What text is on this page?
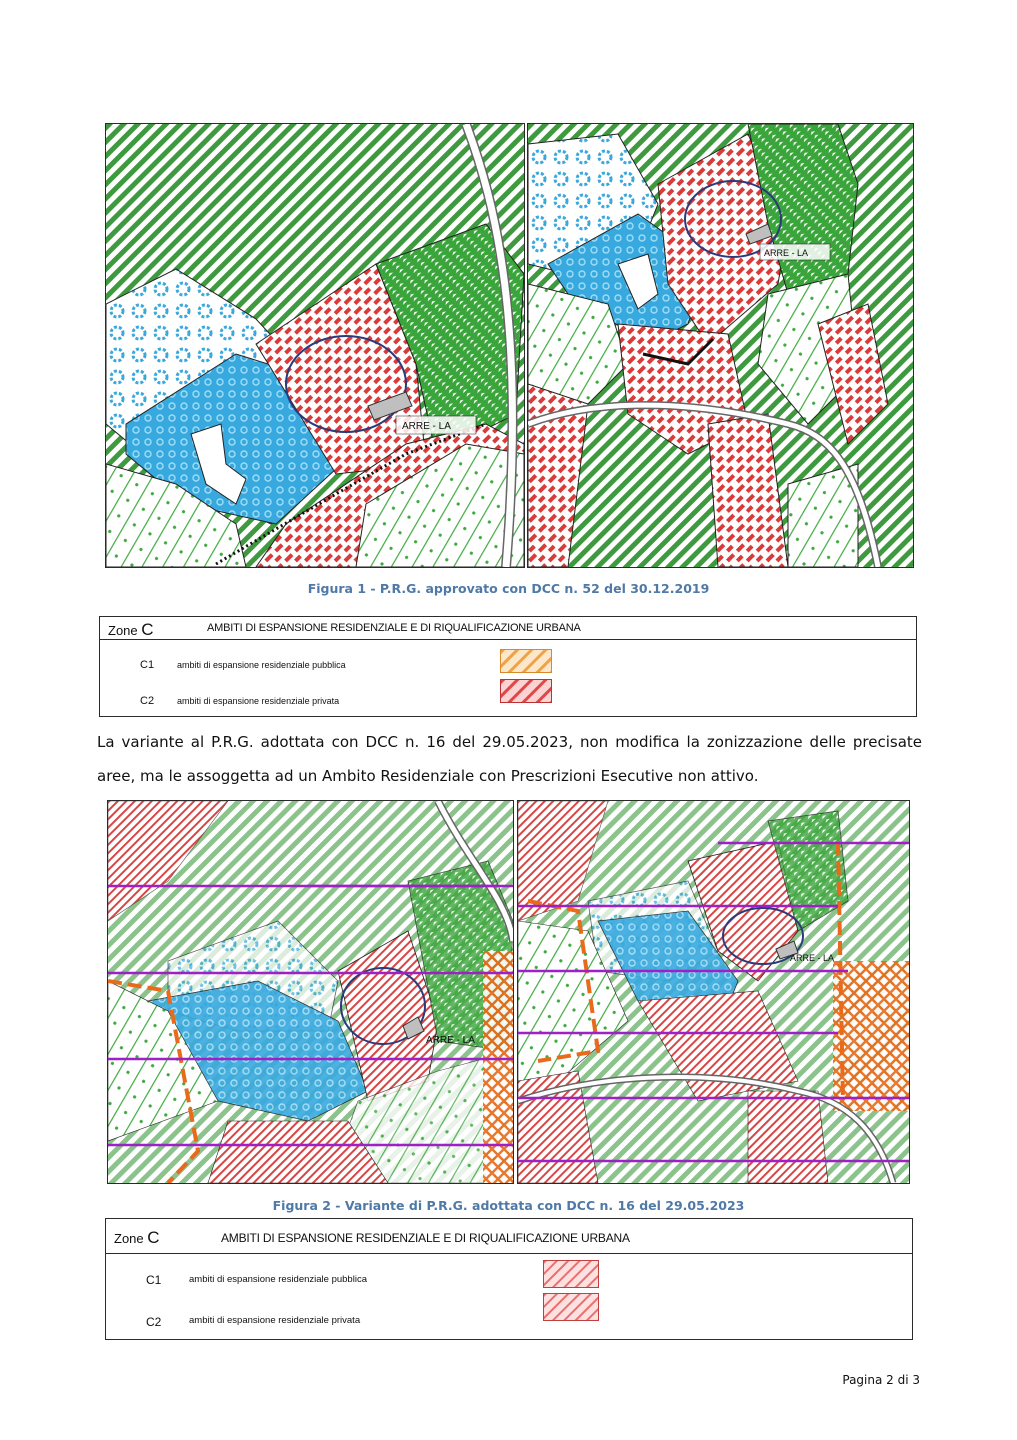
ARRE - LA
ARRE - LA
Figura 1 - P.R.G. approvato con DCC n. 52 del 30.12.2019
Zone C	AMBITI DI ESPANSIONE RESIDENZIALE E DI RIQUALIFICAZIONE URBANA
C1	ambiti di espansione residenziale pubblica
C2	ambiti di espansione residenziale privata
La variante al P.R.G. adottata con DCC n. 16 del 29.05.2023, non modifica la zonizzazione delle precisate
aree, ma le assoggetta ad un Ambito Residenziale con Prescrizioni Esecutive non attivo.
ARRE - LA
ARRE - LA
Figura 2 - Variante di P.R.G. adottata con DCC n. 16 del 29.05.2023
Zone C	AMBITI DI ESPANSIONE RESIDENZIALE E DI RIQUALIFICAZIONE URBANA
C1	ambiti di espansione residenziale pubblica
C2	ambiti di espansione residenziale privata
Pagina 2 di 3
